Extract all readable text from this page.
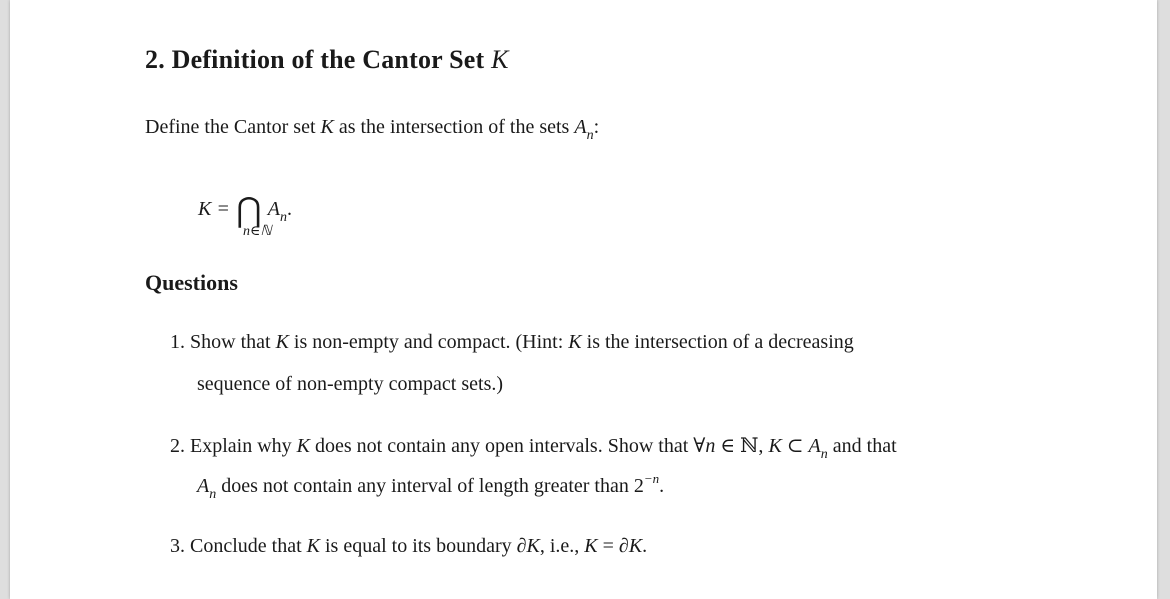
2. Definition of the Cantor Set K
Define the Cantor set K as the intersection of the sets $A_n$:
K = ⋂ $A_n$.
n∈ℕ
Questions
1. Show that K is non-empty and compact. (Hint: K is the intersection of a decreasing
sequence of non-empty compact sets.)
2. Explain why K does not contain any open intervals. Show that ∀n ∈ ℕ, K ⊂ $A_n$ and that
$A_n$ does not contain any interval of length greater than $2^{-n}$.
3. Conclude that K is equal to its boundary ∂K, i.e., K = ∂K.
